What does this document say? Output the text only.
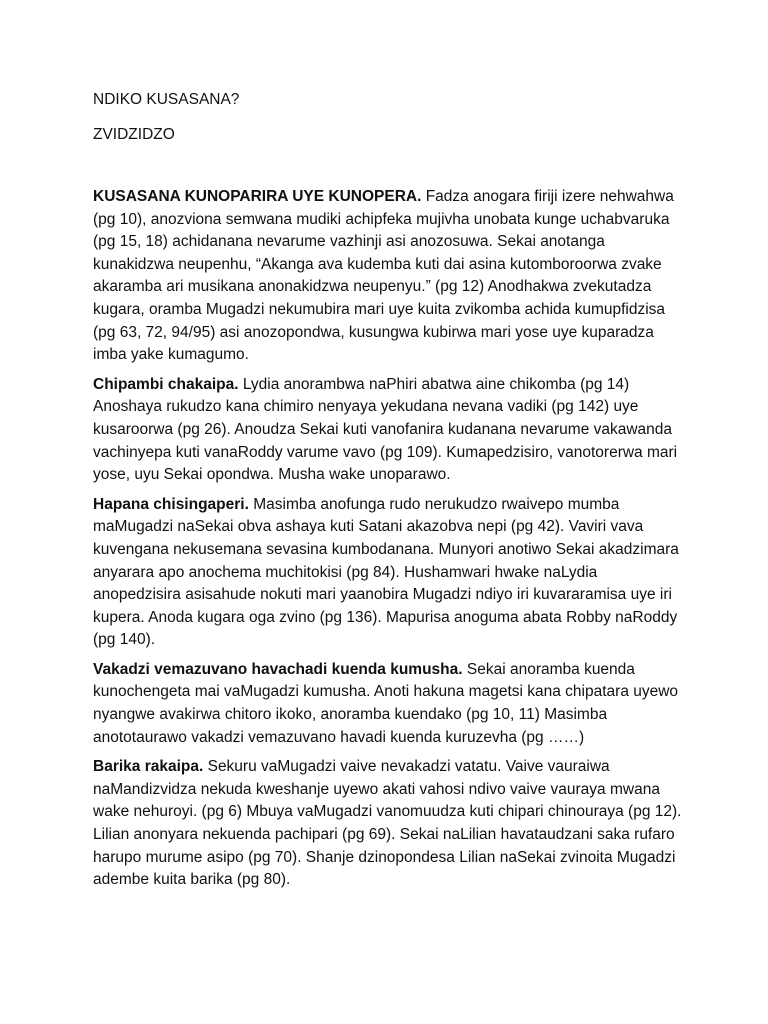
NDIKO KUSASANA?

ZVIDZIDZO

KUSASANA KUNOPARIRA UYE KUNOPERA. Fadza anogara firiji izere nehwahwa (pg 10), anozviona semwana mudiki achipfeka mujivha unobata kunge uchabvaruka (pg 15, 18) achidanana nevarume vazhinji asi anozosuwa. Sekai anotanga kunakidzwa neupenhu, “Akanga ava kudemba kuti dai asina kutomboroorwa zvake akaramba ari musikana anonakidzwa neupenyu.” (pg 12) Anodhakwa zvekutadza kugara, oramba Mugadzi nekumubira mari uye kuita zvikomba achida kumupfidzisa (pg 63, 72, 94/95) asi anozopondwa, kusungwa kubirwa mari yose uye kuparadza imba yake kumagumo.

Chipambi chakaipa. Lydia anorambwa naPhiri abatwa aine chikomba (pg 14) Anoshaya rukudzo kana chimiro nenyaya yekudana nevana vadiki (pg 142) uye kusaroorwa (pg 26). Anoudza Sekai kuti vanofanira kudanana nevarume vakawanda vachinyepa kuti vanaRoddy varume vavo (pg 109). Kumapedzisiro, vanotorerwa mari yose, uyu Sekai opondwa. Musha wake unoparawo.

Hapana chisingaperi. Masimba anofunga rudo nerukudzo rwaivepo mumba maMugadzi naSekai obva ashaya kuti Satani akazobva nepi (pg 42). Vaviri vava kuvengana nekusemana sevasina kumbodanana. Munyori anotiwo Sekai akadzimara anyarara apo anochema muchitokisi (pg 84). Hushamwari hwake naLydia anopedzisira asisahude nokuti mari yaanobira Mugadzi ndiyo iri kuvararamisa uye iri kupera. Anoda kugara oga zvino (pg 136). Mapurisa anoguma abata Robby naRoddy (pg 140).

Vakadzi vemazuvano havachadi kuenda kumusha. Sekai anoramba kuenda kunochengeta mai vaMugadzi kumusha. Anoti hakuna magetsi kana chipatara uyewo nyangwe avakirwa chitoro ikoko, anoramba kuendako (pg 10, 11) Masimba anototaurawo vakadzi vemazuvano havadi kuenda kuruzevha (pg ……)

Barika rakaipa. Sekuru vaMugadzi vaive nevakadzi vatatu. Vaive vauraiwa naMandizvidza nekuda kweshanje uyewo akati vahosi ndivo vaive vauraya mwana wake nehuroyi. (pg 6) Mbuya vaMugadzi vanomuudza kuti chipari chinouraya (pg 12). Lilian anonyara nekuenda pachipari (pg 69). Sekai naLilian havataudzani saka rufaro harupo murume asipo (pg 70). Shanje dzinopondesa Lilian naSekai zvinoita Mugadzi adembe kuita barika (pg 80).
